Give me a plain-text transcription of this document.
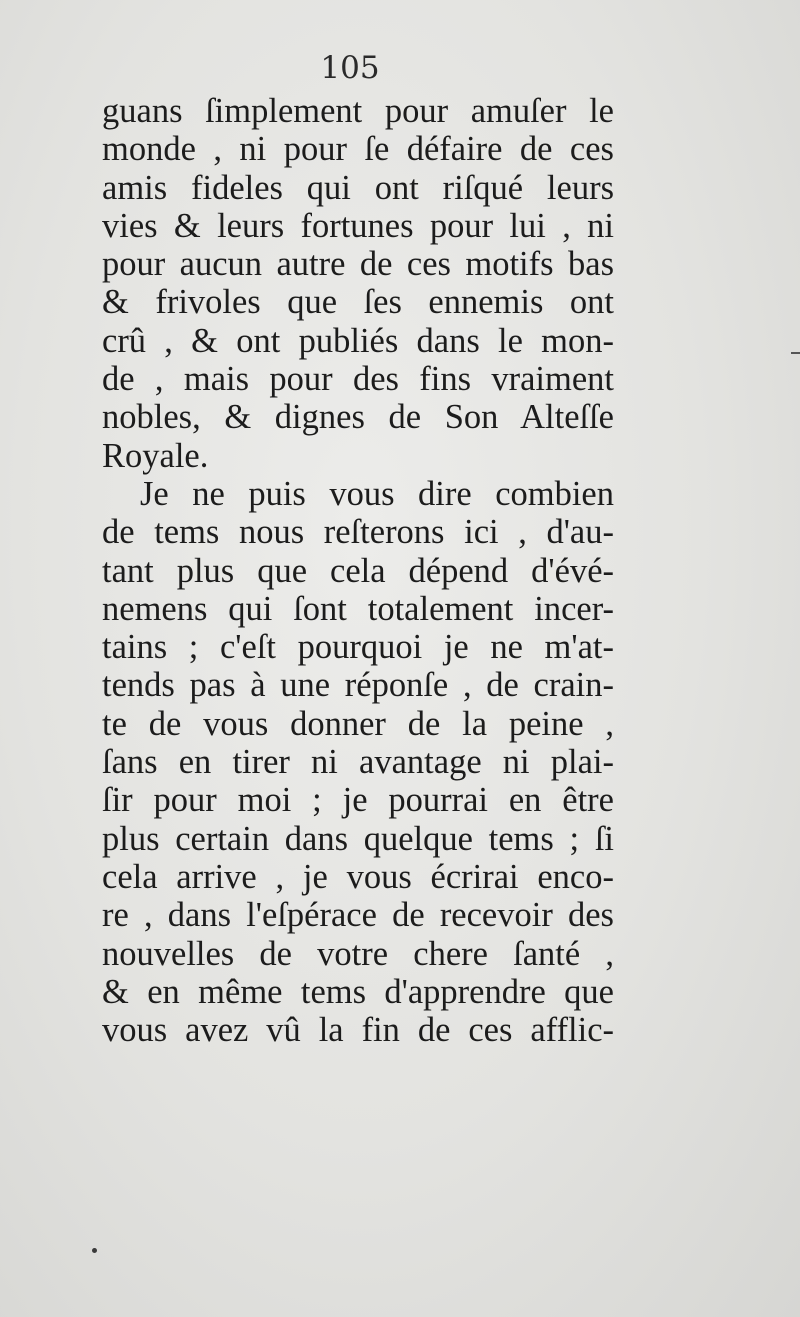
105
guans ſimplement pour amuſer le
monde , ni pour ſe défaire de ces
amis fideles qui ont riſqué leurs
vies & leurs fortunes pour lui , ni
pour aucun autre de ces motifs bas
& frivoles que ſes ennemis ont
crû , & ont publiés dans le mon-
de , mais pour des fins vraiment
nobles, & dignes de Son Alteſſe
Royale.
Je ne puis vous dire combien
de tems nous reſterons ici , d'au-
tant plus que cela dépend d'évé-
nemens qui ſont totalement incer-
tains ; c'eſt pourquoi je ne m'at-
tends pas à une réponſe , de crain-
te de vous donner de la peine ,
ſans en tirer ni avantage ni plai-
ſir pour moi ; je pourrai en être
plus certain dans quelque tems ; ſi
cela arrive , je vous écrirai enco-
re , dans l'eſpérace de recevoir des
nouvelles de votre chere ſanté ,
& en même tems d'apprendre que
vous avez vû la fin de ces afflic-
